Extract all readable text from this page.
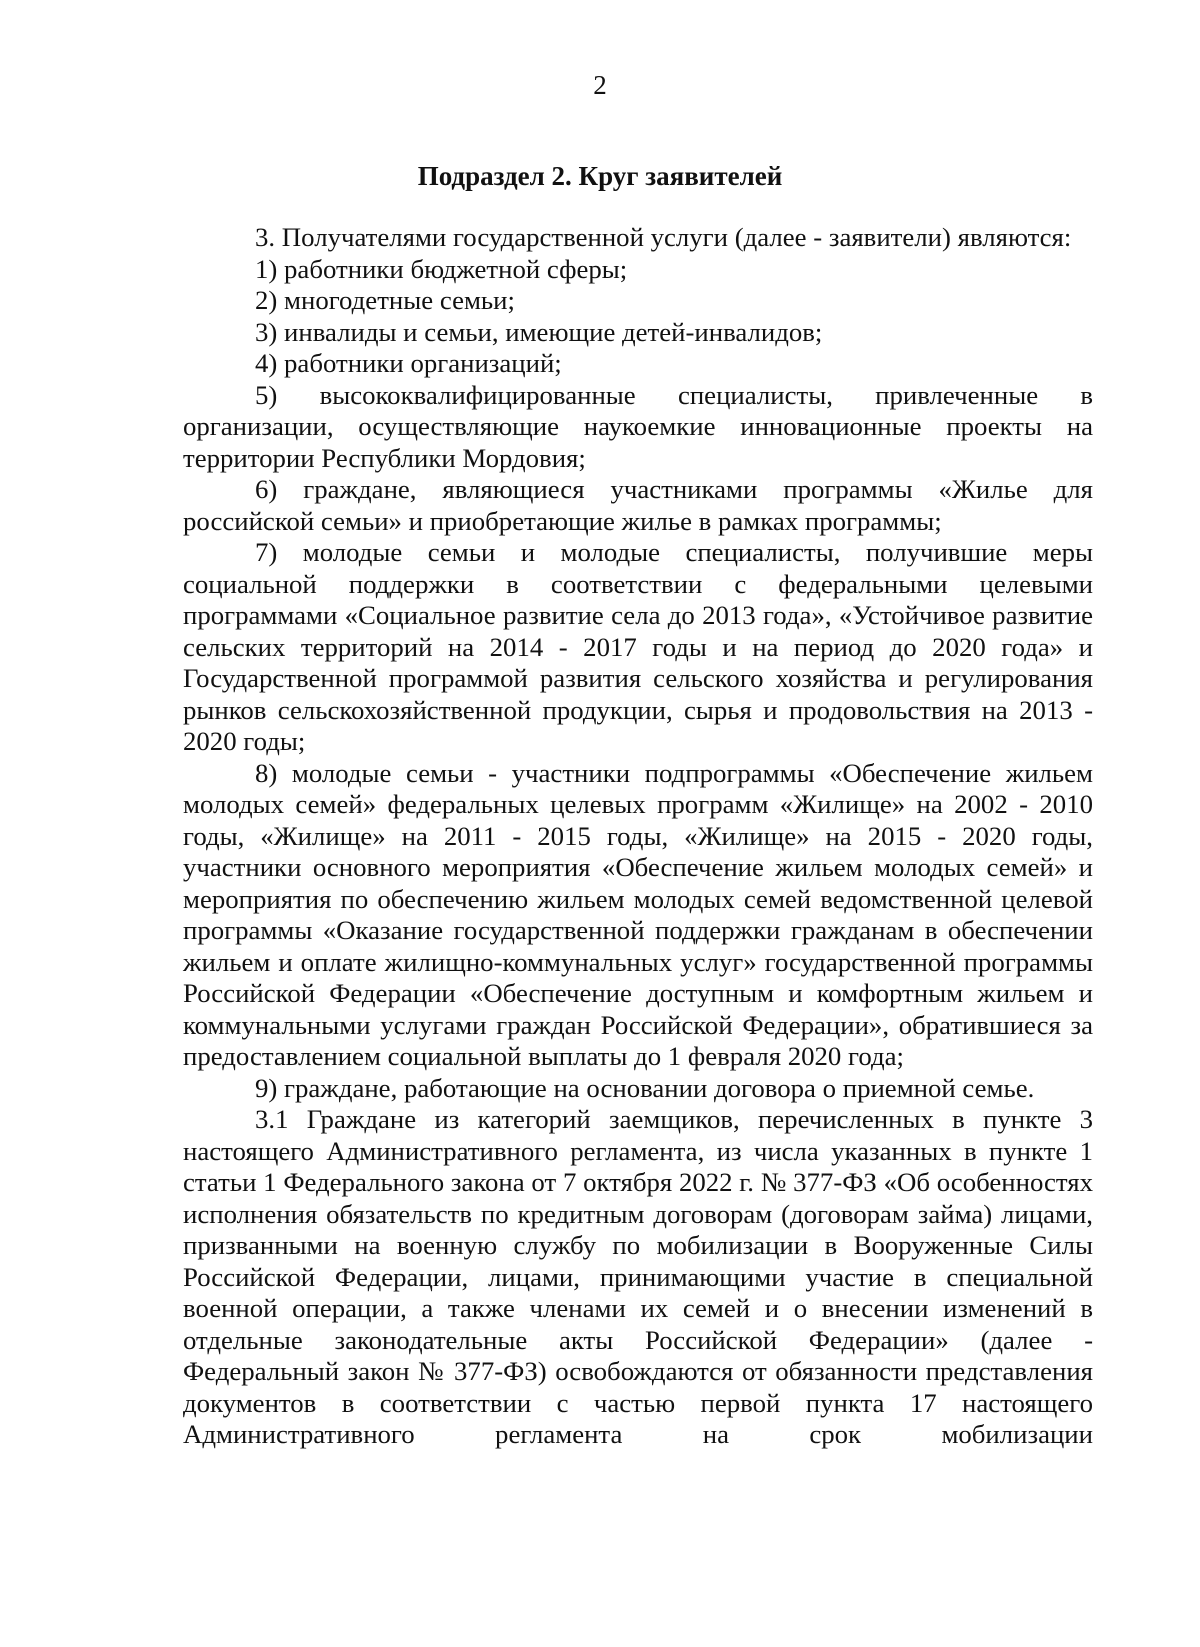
2
Подраздел 2. Круг заявителей

3. Получателями государственной услуги (далее - заявители) являются:

1) работники бюджетной сферы;

2) многодетные семьи;

3) инвалиды и семьи, имеющие детей-инвалидов;

4) работники организаций;

5) высококвалифицированные специалисты, привлеченные в организации, осуществляющие наукоемкие инновационные проекты на территории Республики Мордовия;

6) граждане, являющиеся участниками программы «Жилье для российской семьи» и приобретающие жилье в рамках программы;

7) молодые семьи и молодые специалисты, получившие меры социальной поддержки в соответствии с федеральными целевыми программами «Социальное развитие села до 2013 года», «Устойчивое развитие сельских территорий на 2014 - 2017 годы и на период до 2020 года» и Государственной программой развития сельского хозяйства и регулирования рынков сельскохозяйственной продукции, сырья и продовольствия на 2013 - 2020 годы;

8) молодые семьи - участники подпрограммы «Обеспечение жильем молодых семей» федеральных целевых программ «Жилище» на 2002 - 2010 годы, «Жилище» на 2011 - 2015 годы, «Жилище» на 2015 - 2020 годы, участники основного мероприятия «Обеспечение жильем молодых семей» и мероприятия по обеспечению жильем молодых семей ведомственной целевой программы «Оказание государственной поддержки гражданам в обеспечении жильем и оплате жилищно-коммунальных услуг» государственной программы Российской Федерации «Обеспечение доступным и комфортным жильем и коммунальными услугами граждан Российской Федерации», обратившиеся за предоставлением социальной выплаты до 1 февраля 2020 года;

9) граждане, работающие на основании договора о приемной семье.

3.1 Граждане из категорий заемщиков, перечисленных в пункте 3 настоящего Административного регламента, из числа указанных в пункте 1 статьи 1 Федерального закона от 7 октября 2022 г. № 377-ФЗ «Об особенностях исполнения обязательств по кредитным договорам (договорам займа) лицами, призванными на военную службу по мобилизации в Вооруженные Силы Российской Федерации, лицами, принимающими участие в специальной военной операции, а также членами их семей и о внесении изменений в отдельные законодательные акты Российской Федерации» (далее - Федеральный закон № 377-ФЗ) освобождаются от обязанности представления документов в соответствии с частью первой пункта 17 настоящего Административного регламента на срок мобилизации
